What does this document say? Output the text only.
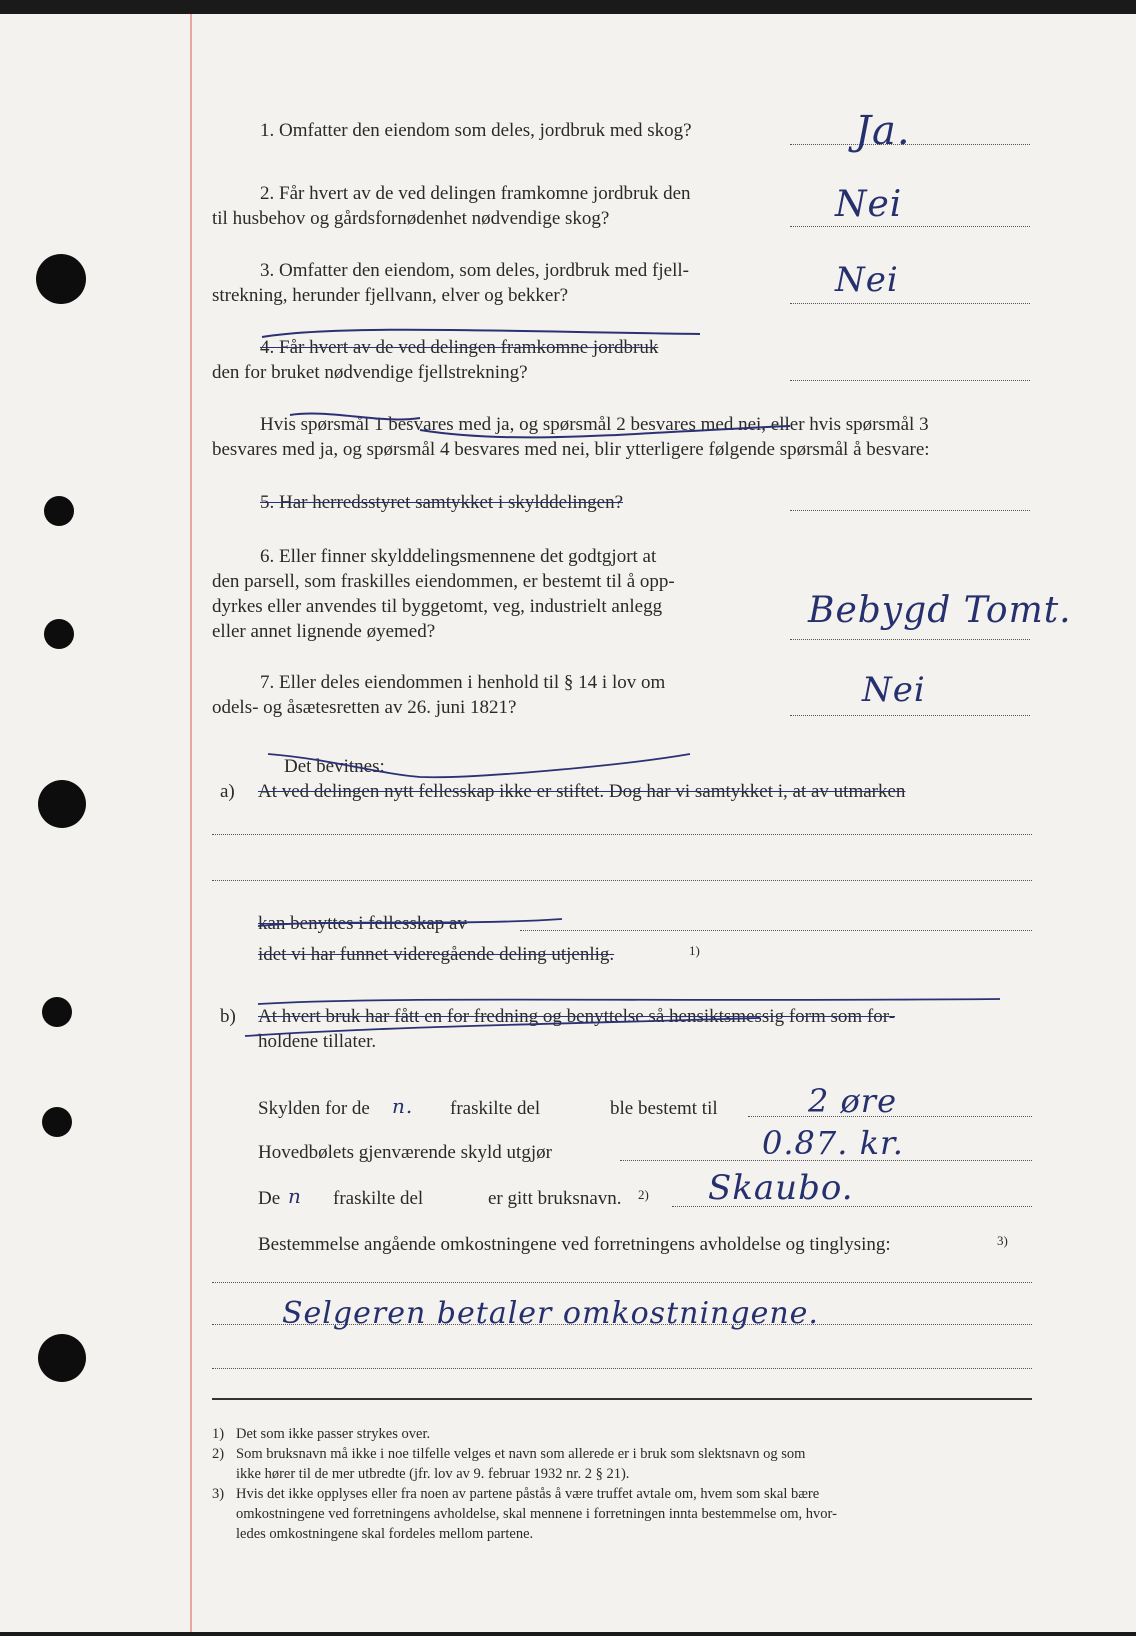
1. Omfatter den eiendom som deles, jordbruk med skog?	Ja.
2. Får hvert av de ved delingen framkomne jordbruk den
til husbehov og gårdsfornødenhet nødvendige skog?	Nei
3. Omfatter den eiendom, som deles, jordbruk med fjell-
strekning, herunder fjellvann, elver og bekker?	Nei
4. Får hvert av de ved delingen framkomne jordbruk
den for bruket nødvendige fjellstrekning?
Hvis spørsmål 1 besvares med ja, og spørsmål 2 besvares med nei, eller hvis spørsmål 3
besvares med ja, og spørsmål 4 besvares med nei, blir ytterligere følgende spørsmål å besvare:
5. Har herredsstyret samtykket i skylddelingen?
6. Eller finner skylddelingsmennene det godtgjort at
den parsell, som fraskilles eiendommen, er bestemt til å opp-
dyrkes eller anvendes til byggetomt, veg, industrielt anlegg
eller annet lignende øyemed?
Bebygd Tomt.
7. Eller deles eiendommen i henhold til § 14 i lov om
odels- og åsætesretten av 26. juni 1821?	Nei
Det bevitnes:
a) At ved delingen nytt fellesskap ikke er stiftet. Dog har vi samtykket i, at av utmarken
kan benyttes i fellesskap av
idet vi har funnet videregående deling utjenlig.	1)
b) At hvert bruk har fått en for fredning og benyttelse så hensiktsmessig form som for-
holdene tillater.
Skylden for de n. fraskilte del	ble bestemt til	2 øre
Hovedbølets gjenværende skyld utgjør	0.87. kr.
De n fraskilte del	er gitt bruksnavn. 2) Skaubo.
Bestemmelse angående omkostningene ved forretningens avholdelse og tinglysing:	3)
Selgeren betaler omkostningene.
1) Det som ikke passer strykes over.
2) Som bruksnavn må ikke i noe tilfelle velges et navn som allerede er i bruk som slektsnavn og som
ikke hører til de mer utbredte (jfr. lov av 9. februar 1932 nr. 2 § 21).
3) Hvis det ikke opplyses eller fra noen av partene påstås å være truffet avtale om, hvem som skal bære
omkostningene ved forretningens avholdelse, skal mennene i forretningen innta bestemmelse om, hvor-
ledes omkostningene skal fordeles mellom partene.
